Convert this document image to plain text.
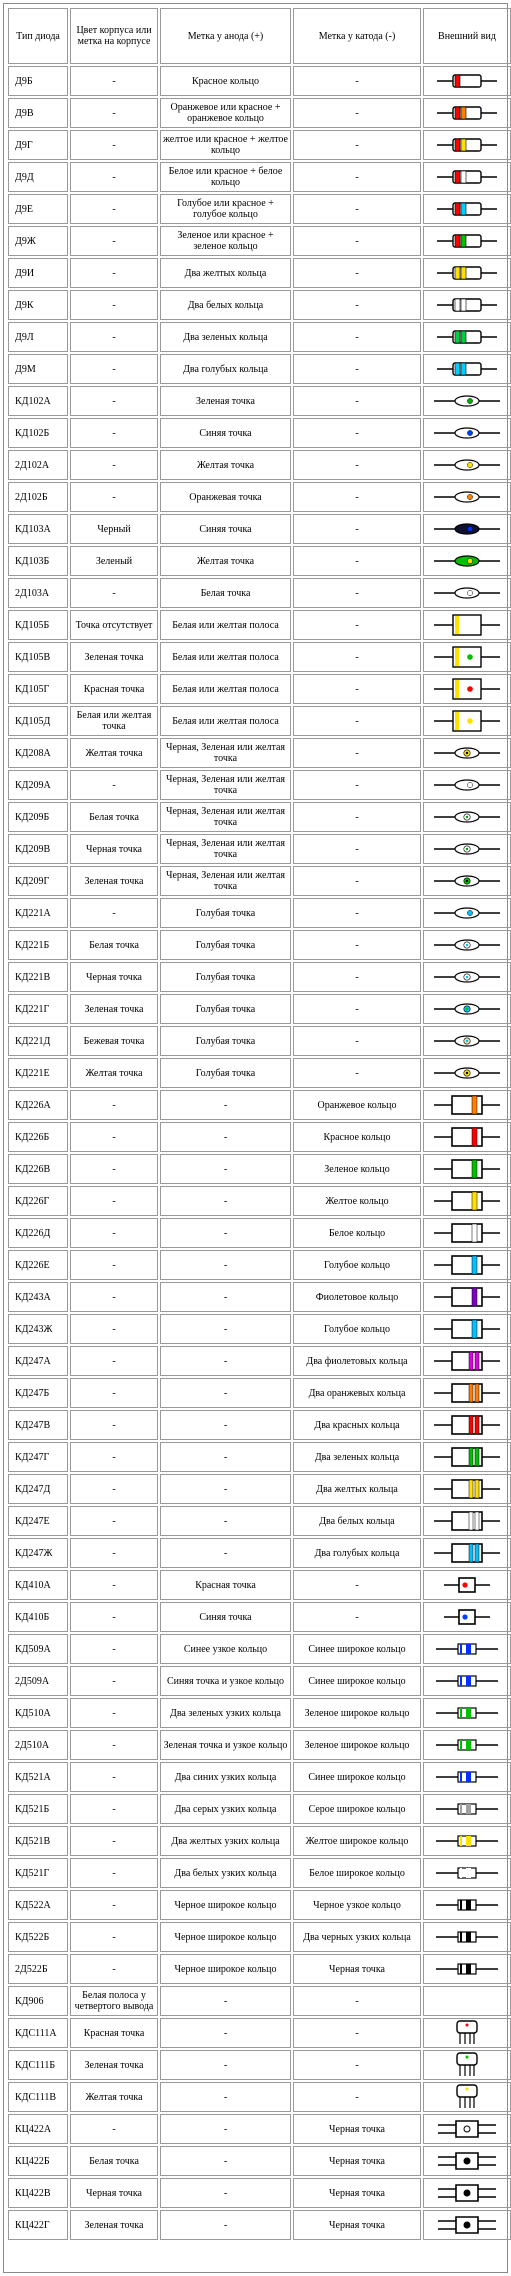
Тип диода	Цвет корпуса или метка на корпусе	Метка у анода (+)	Метка у катода (-)	Внешний вид
Д9Б	-	Красное кольцо	-	

Д9В	-	Оранжевое или красное + оранжевое кольцо	-	

Д9Г	-	желтое или красное + желтое кольцо	-	

Д9Д	-	Белое или красное + белое кольцо	-	

Д9Е	-	Голубое или красное + голубое кольцо	-	

Д9Ж	-	Зеленое или красное + зеленое кольцо	-	

Д9И	-	Два желтых кольца	-	

Д9К	-	Два белых кольца	-	

Д9Л	-	Два зеленых кольца	-	

Д9М	-	Два голубых кольца	-	

КД102А	-	Зеленая точка	-	

КД102Б	-	Синяя точка	-	

2Д102А	-	Желтая точка	-	

2Д102Б	-	Оранжевая точка	-	

КД103А	Черный	Синяя точка	-	

КД103Б	Зеленый	Желтая точка	-	

2Д103А	-	Белая точка	-	

КД105Б	Точка отсутствует	Белая или желтая полоса	-	

КД105В	Зеленая точка	Белая или желтая полоса	-	

КД105Г	Красная точка	Белая или желтая полоса	-	

КД105Д	Белая или желтая точка	Белая или желтая полоса	-	

КД208А	Желтая точка	Черная, Зеленая или желтая точка	-	

КД209А	-	Черная, Зеленая или желтая точка	-	

КД209Б	Белая точка	Черная, Зеленая или желтая точка	-	

КД209В	Черная точка	Черная, Зеленая или желтая точка	-	

КД209Г	Зеленая точка	Черная, Зеленая или желтая точка	-	

КД221А	-	Голубая точка	-	

КД221Б	Белая точка	Голубая точка	-	

КД221В	Черная точка	Голубая точка	-	

КД221Г	Зеленая точка	Голубая точка	-	

КД221Д	Бежевая точка	Голубая точка	-	

КД221Е	Желтая точка	Голубая точка	-	

КД226А	-	-	Оранжевое кольцо	

КД226Б	-	-	Красное кольцо	

КД226В	-	-	Зеленое кольцо	

КД226Г	-	-	Желтое кольцо	

КД226Д	-	-	Белое кольцо	

КД226Е	-	-	Голубое кольцо	

КД243А	-	-	Фиолетовое кольцо	

КД243Ж	-	-	Голубое кольцо	

КД247А	-	-	Два фиолетовых кольца	

КД247Б	-	-	Два оранжевых кольца	

КД247В	-	-	Два красных кольца	

КД247Г	-	-	Два зеленых кольца	

КД247Д	-	-	Два желтых кольца	

КД247Е	-	-	Два белых кольца	

КД247Ж	-	-	Два голубых кольца	

КД410А	-	Красная точка	-	

КД410Б	-	Синяя точка	-	

КД509А	-	Синее узкое кольцо	Синее широкое кольцо	

2Д509А	-	Синяя точка и узкое кольцо	Синее широкое кольцо	

КД510А	-	Два зеленых узких кольца	Зеленое широкое кольцо	

2Д510А	-	Зеленая точка и узкое кольцо	Зеленое широкое кольцо	

КД521А	-	Два синих узких кольца	Синее широкое кольцо	

КД521Б	-	Два серых узких кольца	Серое широкое кольцо	

КД521В	-	Два желтых узких кольца	Желтое широкое кольцо	

КД521Г	-	Два белых узких кольца	Белое широкое кольцо	

КД522А	-	Черное широкое кольцо	Черное узкое кольцо	

КД522Б	-	Черное широкое кольцо	Два черных узких кольца	

2Д522Б	-	Черное широкое кольцо	Черная точка	

КД906	Белая полоса у четвертого вывода	-	-	
КДС111А	Красная точка	-	-	

КДС111Б	Зеленая точка	-	-	

КДС111В	Желтая точка	-	-	

КЦ422А	-	-	Черная точка	

КЦ422Б	Белая точка	-	Черная точка	

КЦ422В	Черная точка	-	Черная точка	

КЦ422Г	Зеленая точка	-	Черная точка	
